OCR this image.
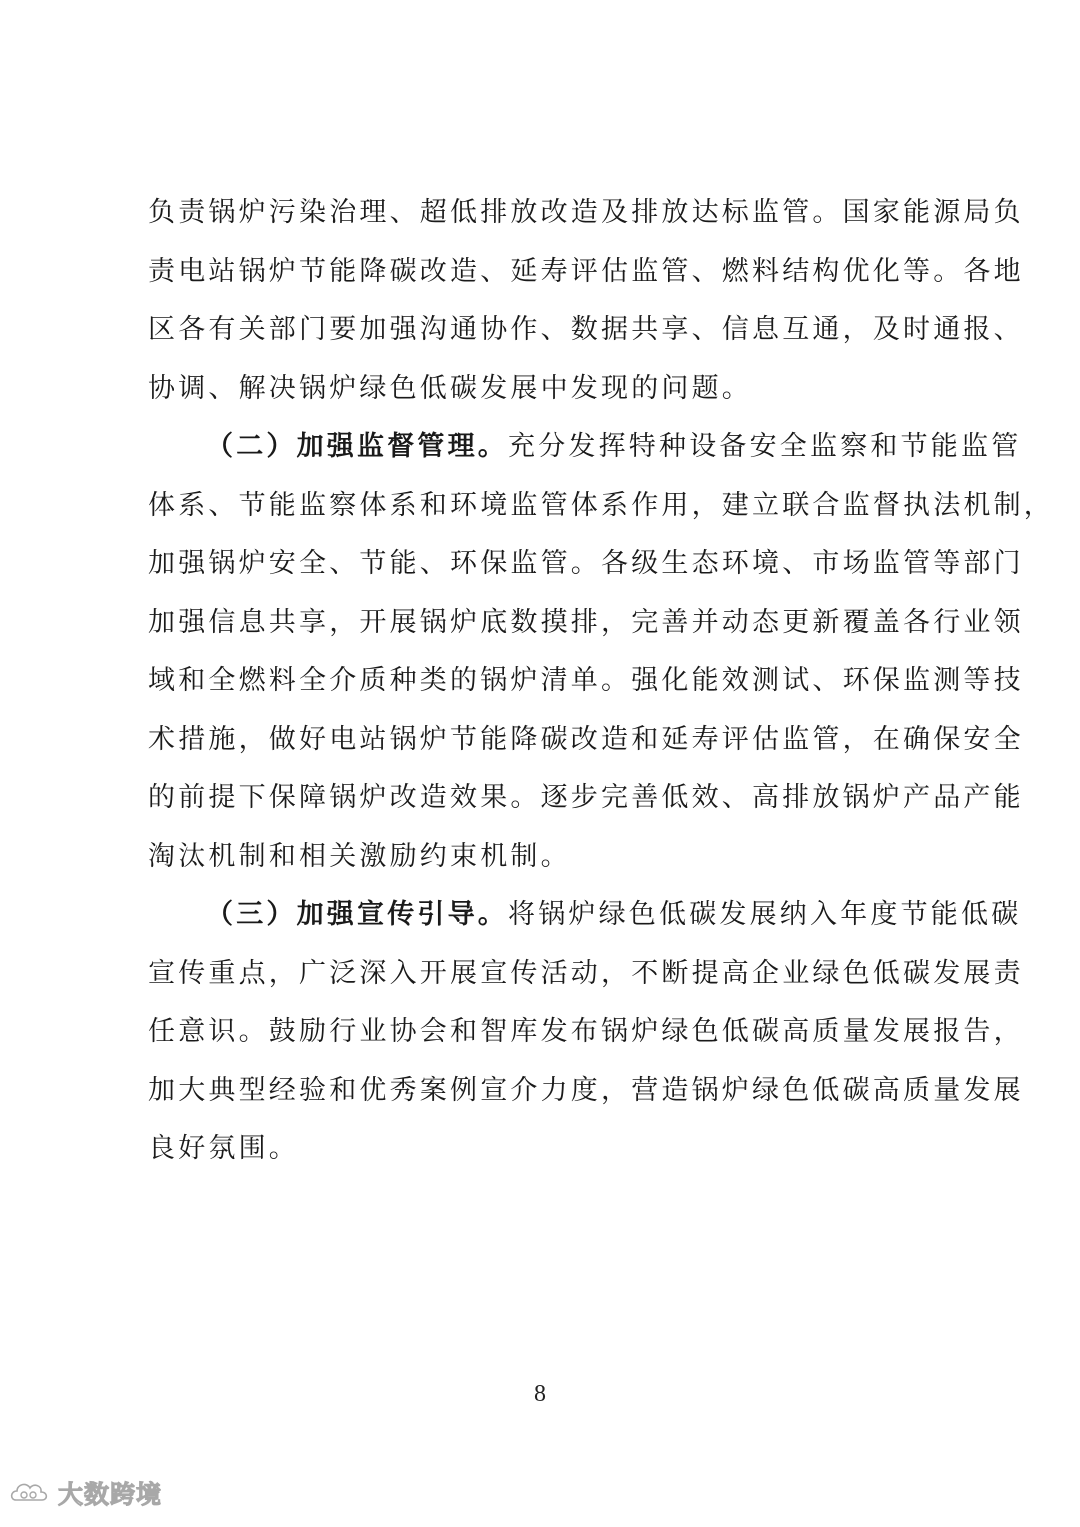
负责锅炉污染治理、超低排放改造及排放达标监管。国家能源局负
责电站锅炉节能降碳改造、延寿评估监管、燃料结构优化等。各地
区各有关部门要加强沟通协作、数据共享、信息互通，及时通报、
协调、解决锅炉绿色低碳发展中发现的问题。
（二）加强监督管理。充分发挥特种设备安全监察和节能监管
体系、节能监察体系和环境监管体系作用，建立联合监督执法机制，
加强锅炉安全、节能、环保监管。各级生态环境、市场监管等部门
加强信息共享，开展锅炉底数摸排，完善并动态更新覆盖各行业领
域和全燃料全介质种类的锅炉清单。强化能效测试、环保监测等技
术措施，做好电站锅炉节能降碳改造和延寿评估监管，在确保安全
的前提下保障锅炉改造效果。逐步完善低效、高排放锅炉产品产能
淘汰机制和相关激励约束机制。
（三）加强宣传引导。将锅炉绿色低碳发展纳入年度节能低碳
宣传重点，广泛深入开展宣传活动，不断提高企业绿色低碳发展责
任意识。鼓励行业协会和智库发布锅炉绿色低碳高质量发展报告，
加大典型经验和优秀案例宣介力度，营造锅炉绿色低碳高质量发展
良好氛围。
8
大数跨境
